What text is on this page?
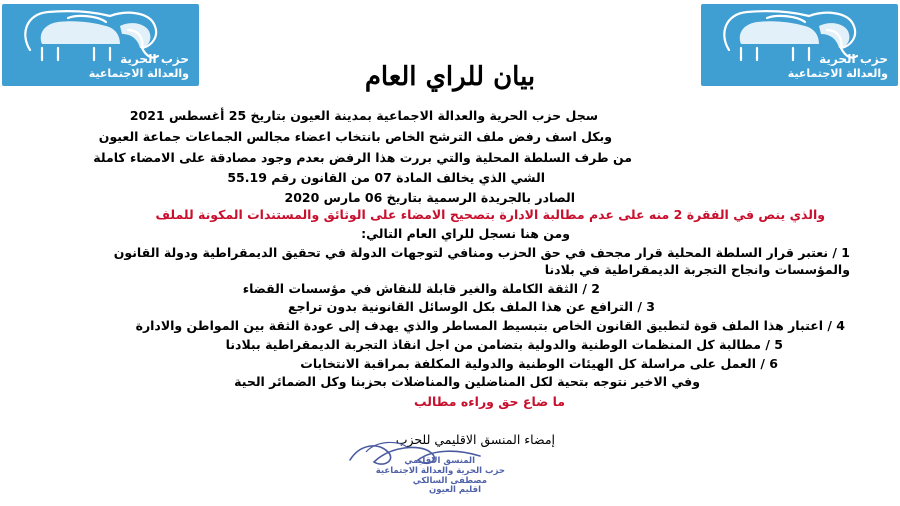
حزب الحرية
والعدالة الاجتماعية
حزب الحرية
والعدالة الاجتماعية
بيان للراي العام
سجل حزب الحرية والعدالة الاجماعية بمدينة العيون بتاريخ 25 أغسطس 2021
وبكل اسف رفض ملف الترشح الخاص بانتخاب اعضاء مجالس الجماعات جماعة العيون
من طرف السلطة المحلية والتي بررت هذا الرفض بعدم وجود مصادقة على الامضاء كاملة
الشي الذي يخالف المادة 07 من القانون رقم 55.19
الصادر بالجريدة الرسمية بتاريخ 06 مارس 2020
والذي ينص في الفقرة 2 منه على عدم مطالبة الادارة بتصحيح الامضاء على الوثائق والمستندات المكونة للملف
ومن هنا نسجل للراي العام التالي:
1 / نعتبر قرار السلطة المحلية قرار مجحف في حق الحزب ومنافي لتوجهات الدولة في تحقيق الديمقراطية ودولة القانون
والمؤسسات وانجاح التجربة الديمقراطية في بلادنا
2 / الثقة الكاملة والغير قابلة للنقاش في مؤسسات القضاء
3 / الترافع عن هذا الملف بكل الوسائل القانونية بدون تراجع
4 / اعتبار هذا الملف قوة لتطبيق القانون الخاص بتبسيط المساطر والذي يهدف إلى عودة الثقة بين المواطن والادارة
5 / مطالبة كل المنظمات الوطنية والدولية بتضامن من اجل انقاذ التجربة الديمقراطية ببلادنا
6 / العمل على مراسلة كل الهيئات الوطنية والدولية المكلفة بمراقبة الانتخابات
وفي الاخير نتوجه بتحية لكل المناضلين والمناضلات بحزبنا وكل الضمائر الحية
ما ضاع حق وراءه مطالب
إمضاء المنسق الاقليمي للحزب
المنسق الاقليمي
حزب الحرية والعدالة الاجتماعية
مصطفى السالكي
اقليم العيون
